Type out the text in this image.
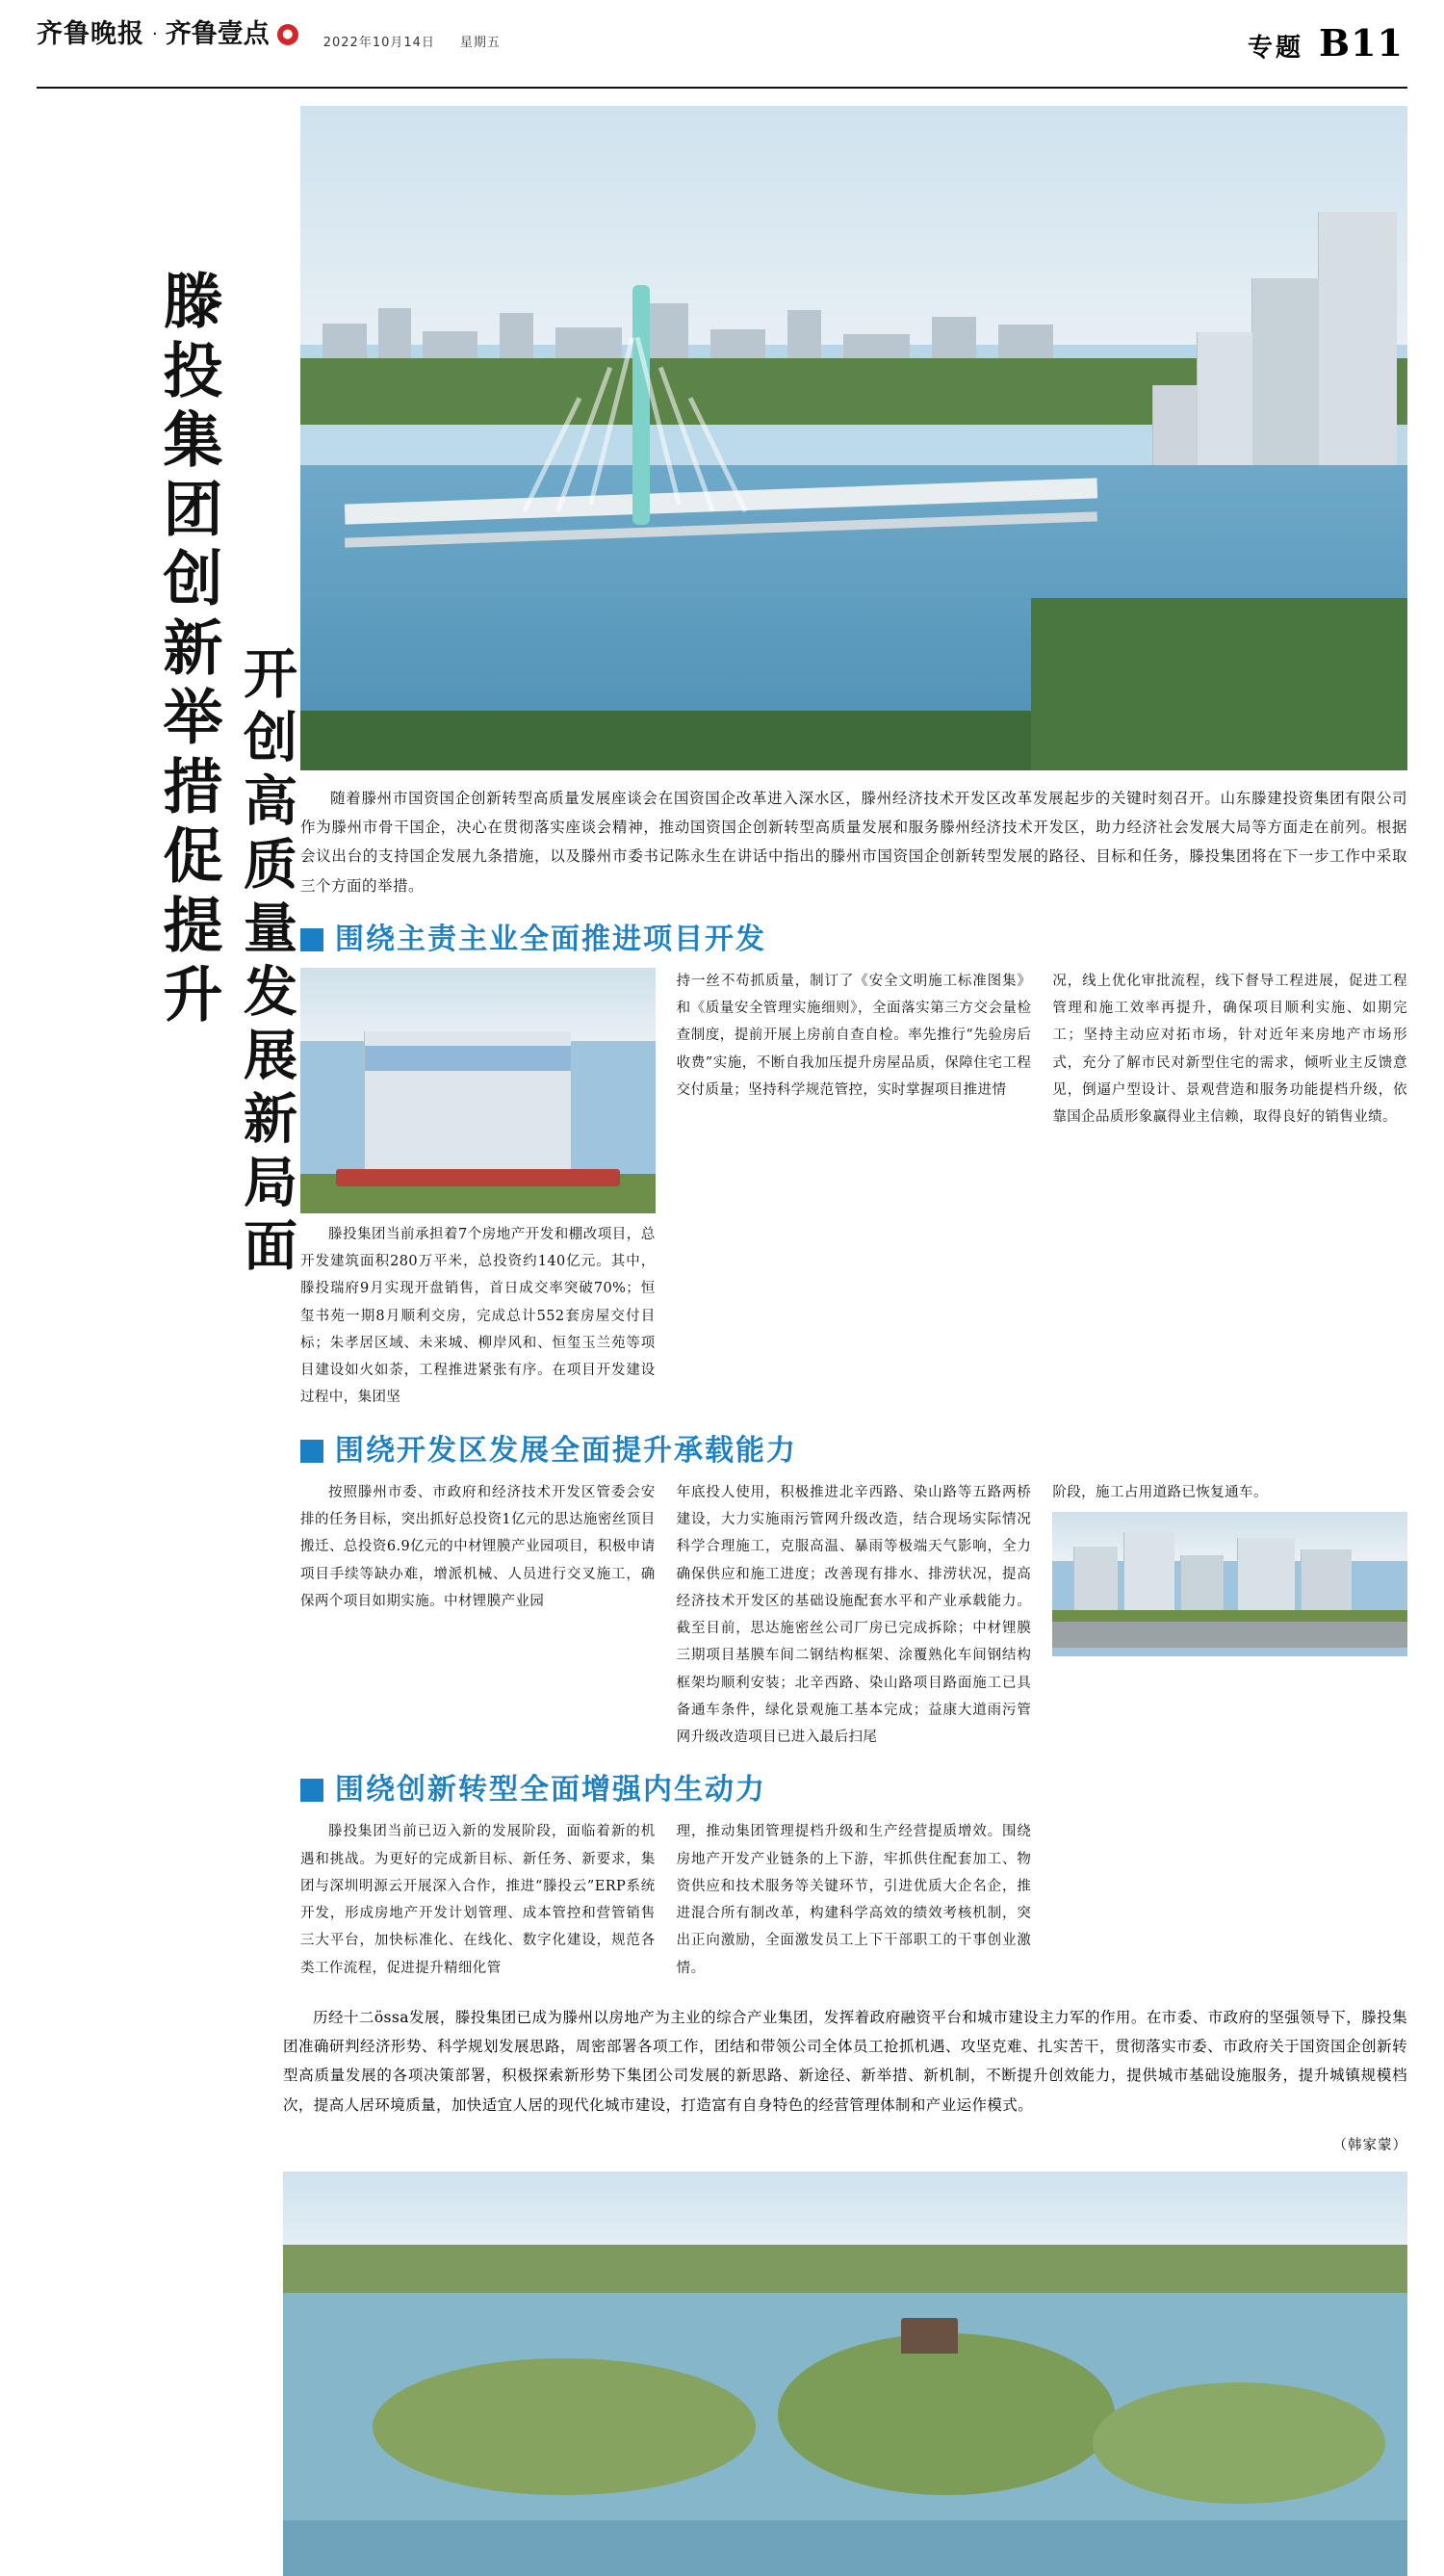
齐鲁晚报 · 齐鲁壹点	●
2022年10月14日 星期五	专题 B11
滕投集团创新举措促提升 开创高质量发展新局面	随着滕州市国资国企创新转型高质量发展座谈会在国资国企改革进入深水区，滕州经济技术开发区改革发展起步的关键时刻召开。山东滕建投资集团有限公司作为滕州市骨干国企，决心在贯彻落实座谈会精神，推动国资国企创新转型高质量发展和服务滕州经济技术开发区，助力经济社会发展大局等方面走在前列。根据会议出台的支持国企发展九条措施，以及滕州市委书记陈永生在讲话中指出的滕州市国资国企创新转型发展的路径、目标和任务，滕投集团将在下一步工作中采取三个方面的举措。

围绕主责主业全面推进项目开发

滕投集团当前承担着7个房地产开发和棚改项目，总开发建筑面积280万平米，总投资约140亿元。其中，滕投瑞府9月实现开盘销售，首日成交率突破70%；恒玺书苑一期8月顺利交房，完成总计552套房屋交付目标；朱孝居区域、未来城、柳岸风和、恒玺玉兰苑等项目建设如火如荼，工程推进紧张有序。在项目开发建设过程中，集团坚

持一丝不苟抓质量，制订了《安全文明施工标准图集》和《质量安全管理实施细则》，全面落实第三方交会量检查制度，提前开展上房前自查自检。率先推行“先验房后收费”实施，不断自我加压提升房屋品质，保障住宅工程交付质量；坚持科学规范管控，实时掌握项目推进情

况，线上优化审批流程，线下督导工程进展，促进工程管理和施工效率再提升，确保项目顺利实施、如期完工；坚持主动应对拓市场，针对近年来房地产市场形式，充分了解市民对新型住宅的需求，倾听业主反馈意见，倒逼户型设计、景观营造和服务功能提档升级，依靠国企品质形象赢得业主信赖，取得良好的销售业绩。

围绕开发区发展全面提升承载能力

按照滕州市委、市政府和经济技术开发区管委会安排的任务目标，突出抓好总投资1亿元的思达施密丝顶目搬迁、总投资6.9亿元的中材锂膜产业园项目，积极申请项目手续等缺办难，增派机械、人员进行交叉施工，确保两个项目如期实施。中材锂膜产业园

年底投人使用，积极推进北辛西路、染山路等五路两桥建设，大力实施雨污管网升级改造，结合现场实际情况科学合理施工，克服高温、暴雨等极端天气影响，全力确保供应和施工进度；改善现有排水、排涝状况，提高经济技术开发区的基础设施配套水平和产业承载能力。截至目前，思达施密丝公司厂房已完成拆除；中材锂膜三期项目基膜车间二钢结构框架、涂覆熟化车间钢结构框架均顺利安装；北辛西路、染山路项目路面施工已具备通车条件，绿化景观施工基本完成；益康大道雨污管网升级改造项目已进入最后扫尾

阶段，施工占用道路已恢复通车。

围绕创新转型全面增强内生动力

滕投集团当前已迈入新的发展阶段，面临着新的机遇和挑战。为更好的完成新目标、新任务、新要求，集团与深圳明源云开展深入合作，推进“滕投云”ERP系统开发，形成房地产开发计划管理、成本管控和营管销售三大平台，加快标准化、在线化、数字化建设，规范各类工作流程，促进提升精细化管

理，推动集团管理提档升级和生产经营提质增效。围绕房地产开发产业链条的上下游，牢抓供住配套加工、物资供应和技术服务等关键环节，引进优质大企名企，推进混合所有制改革，构建科学高效的绩效考核机制，突出正向激励，全面激发员工上下干部职工的干事创业激情。

历经十二össa发展，滕投集团已成为滕州以房地产为主业的综合产业集团，发挥着政府融资平台和城市建设主力军的作用。在市委、市政府的坚强领导下，滕投集团准确研判经济形势、科学规划发展思路，周密部署各项工作，团结和带领公司全体员工抢抓机遇、攻坚克难、扎实苦干，贯彻落实市委、市政府关于国资国企创新转型高质量发展的各项决策部署，积极探索新形势下集团公司发展的新思路、新途径、新举措、新机制，不断提升创效能力，提供城市基础设施服务，提升城镇规模档次，提高人居环境质量，加快适宜人居的现代化城市建设，打造富有自身特色的经营管理体制和产业运作模式。

（韩家蒙）
